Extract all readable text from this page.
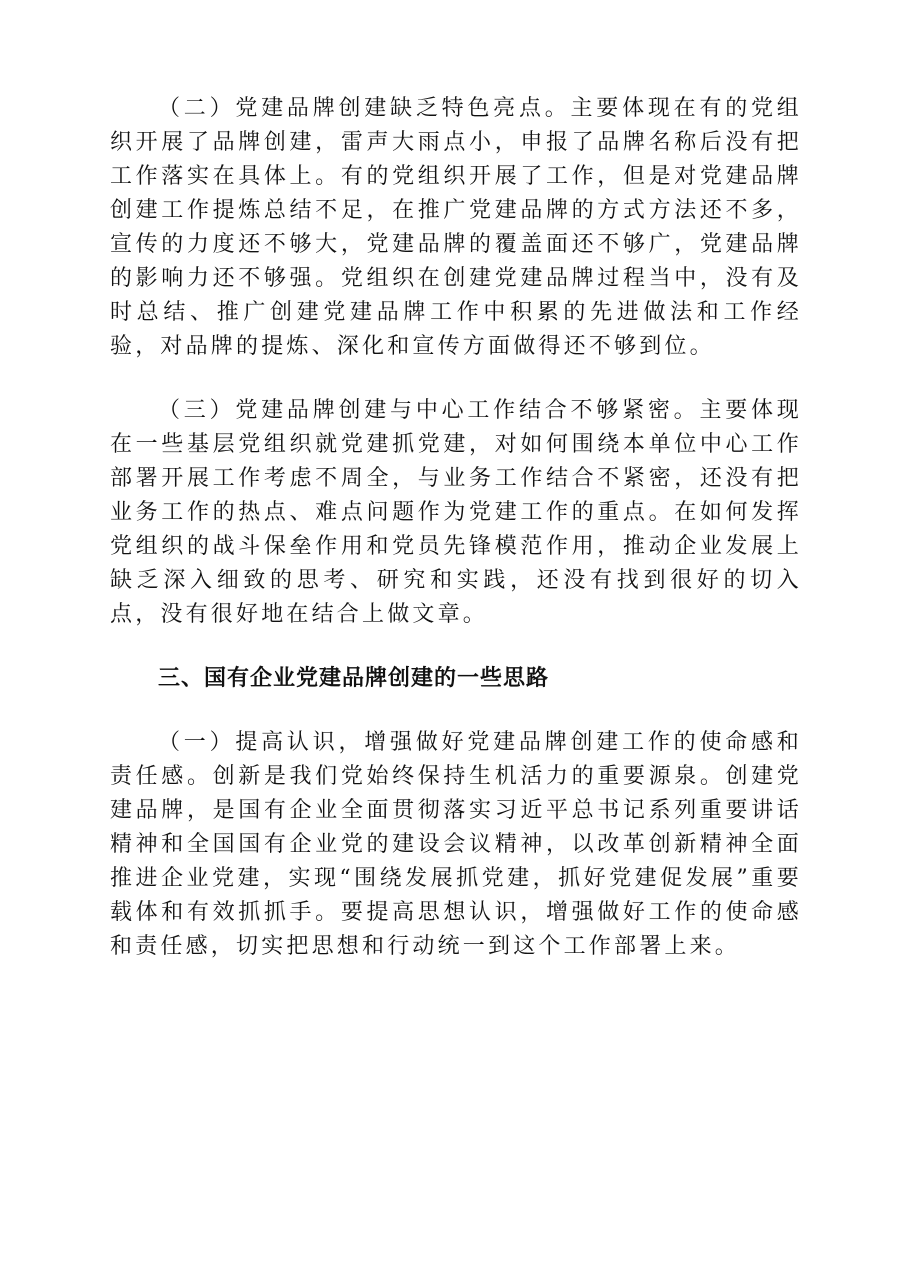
（二）党建品牌创建缺乏特色亮点。主要体现在有的党组织开展了品牌创建，雷声大雨点小，申报了品牌名称后没有把工作落实在具体上。有的党组织开展了工作，但是对党建品牌创建工作提炼总结不足，在推广党建品牌的方式方法还不多，宣传的力度还不够大，党建品牌的覆盖面还不够广，党建品牌的影响力还不够强。党组织在创建党建品牌过程当中，没有及时总结、推广创建党建品牌工作中积累的先进做法和工作经验，对品牌的提炼、深化和宣传方面做得还不够到位。

（三）党建品牌创建与中心工作结合不够紧密。主要体现在一些基层党组织就党建抓党建，对如何围绕本单位中心工作部署开展工作考虑不周全，与业务工作结合不紧密，还没有把业务工作的热点、难点问题作为党建工作的重点。在如何发挥党组织的战斗保垒作用和党员先锋模范作用，推动企业发展上缺乏深入细致的思考、研究和实践，还没有找到很好的切入点，没有很好地在结合上做文章。

三、国有企业党建品牌创建的一些思路

（一）提高认识，增强做好党建品牌创建工作的使命感和责任感。创新是我们党始终保持生机活力的重要源泉。创建党建品牌，是国有企业全面贯彻落实习近平总书记系列重要讲话精神和全国国有企业党的建设会议精神，以改革创新精神全面推进企业党建，实现“围绕发展抓党建，抓好党建促发展”重要载体和有效抓抓手。要提高思想认识，增强做好工作的使命感和责任感，切实把思想和行动统一到这个工作部署上来。
